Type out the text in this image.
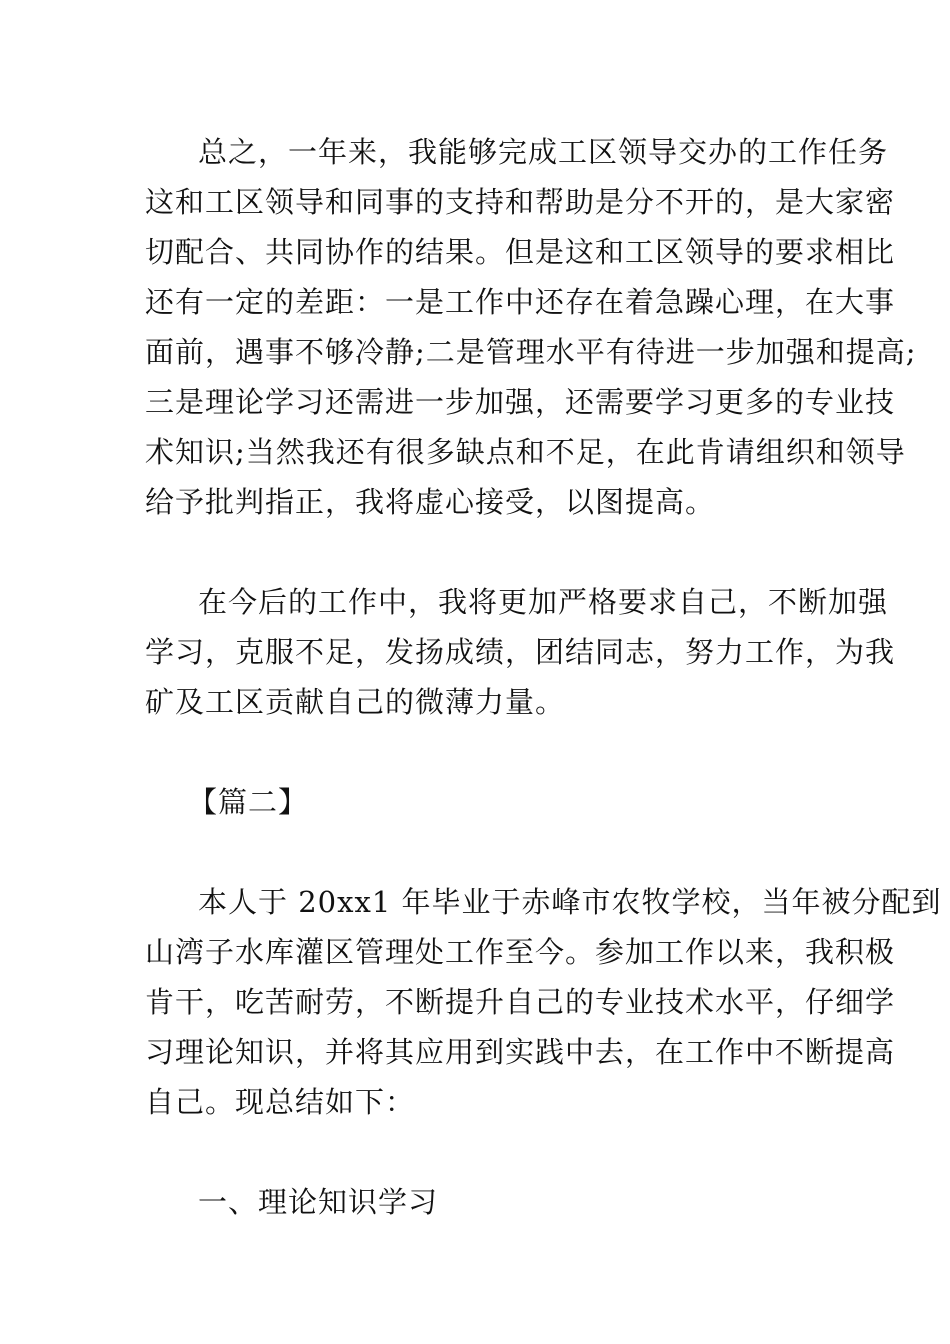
总之，一年来，我能够完成工区领导交办的工作任务
这和工区领导和同事的支持和帮助是分不开的，是大家密
切配合、共同协作的结果。但是这和工区领导的要求相比
还有一定的差距：一是工作中还存在着急躁心理，在大事
面前，遇事不够冷静;二是管理水平有待进一步加强和提高;
三是理论学习还需进一步加强，还需要学习更多的专业技
术知识;当然我还有很多缺点和不足，在此肯请组织和领导
给予批判指正，我将虚心接受，以图提高。
在今后的工作中，我将更加严格要求自己，不断加强
学习，克服不足，发扬成绩，团结同志，努力工作，为我
矿及工区贡献自己的微薄力量。
【篇二】
本人于 20xx1 年毕业于赤峰市农牧学校，当年被分配到
山湾子水库灌区管理处工作至今。参加工作以来，我积极
肯干，吃苦耐劳，不断提升自己的专业技术水平，仔细学
习理论知识，并将其应用到实践中去，在工作中不断提高
自己。现总结如下：
一、理论知识学习
